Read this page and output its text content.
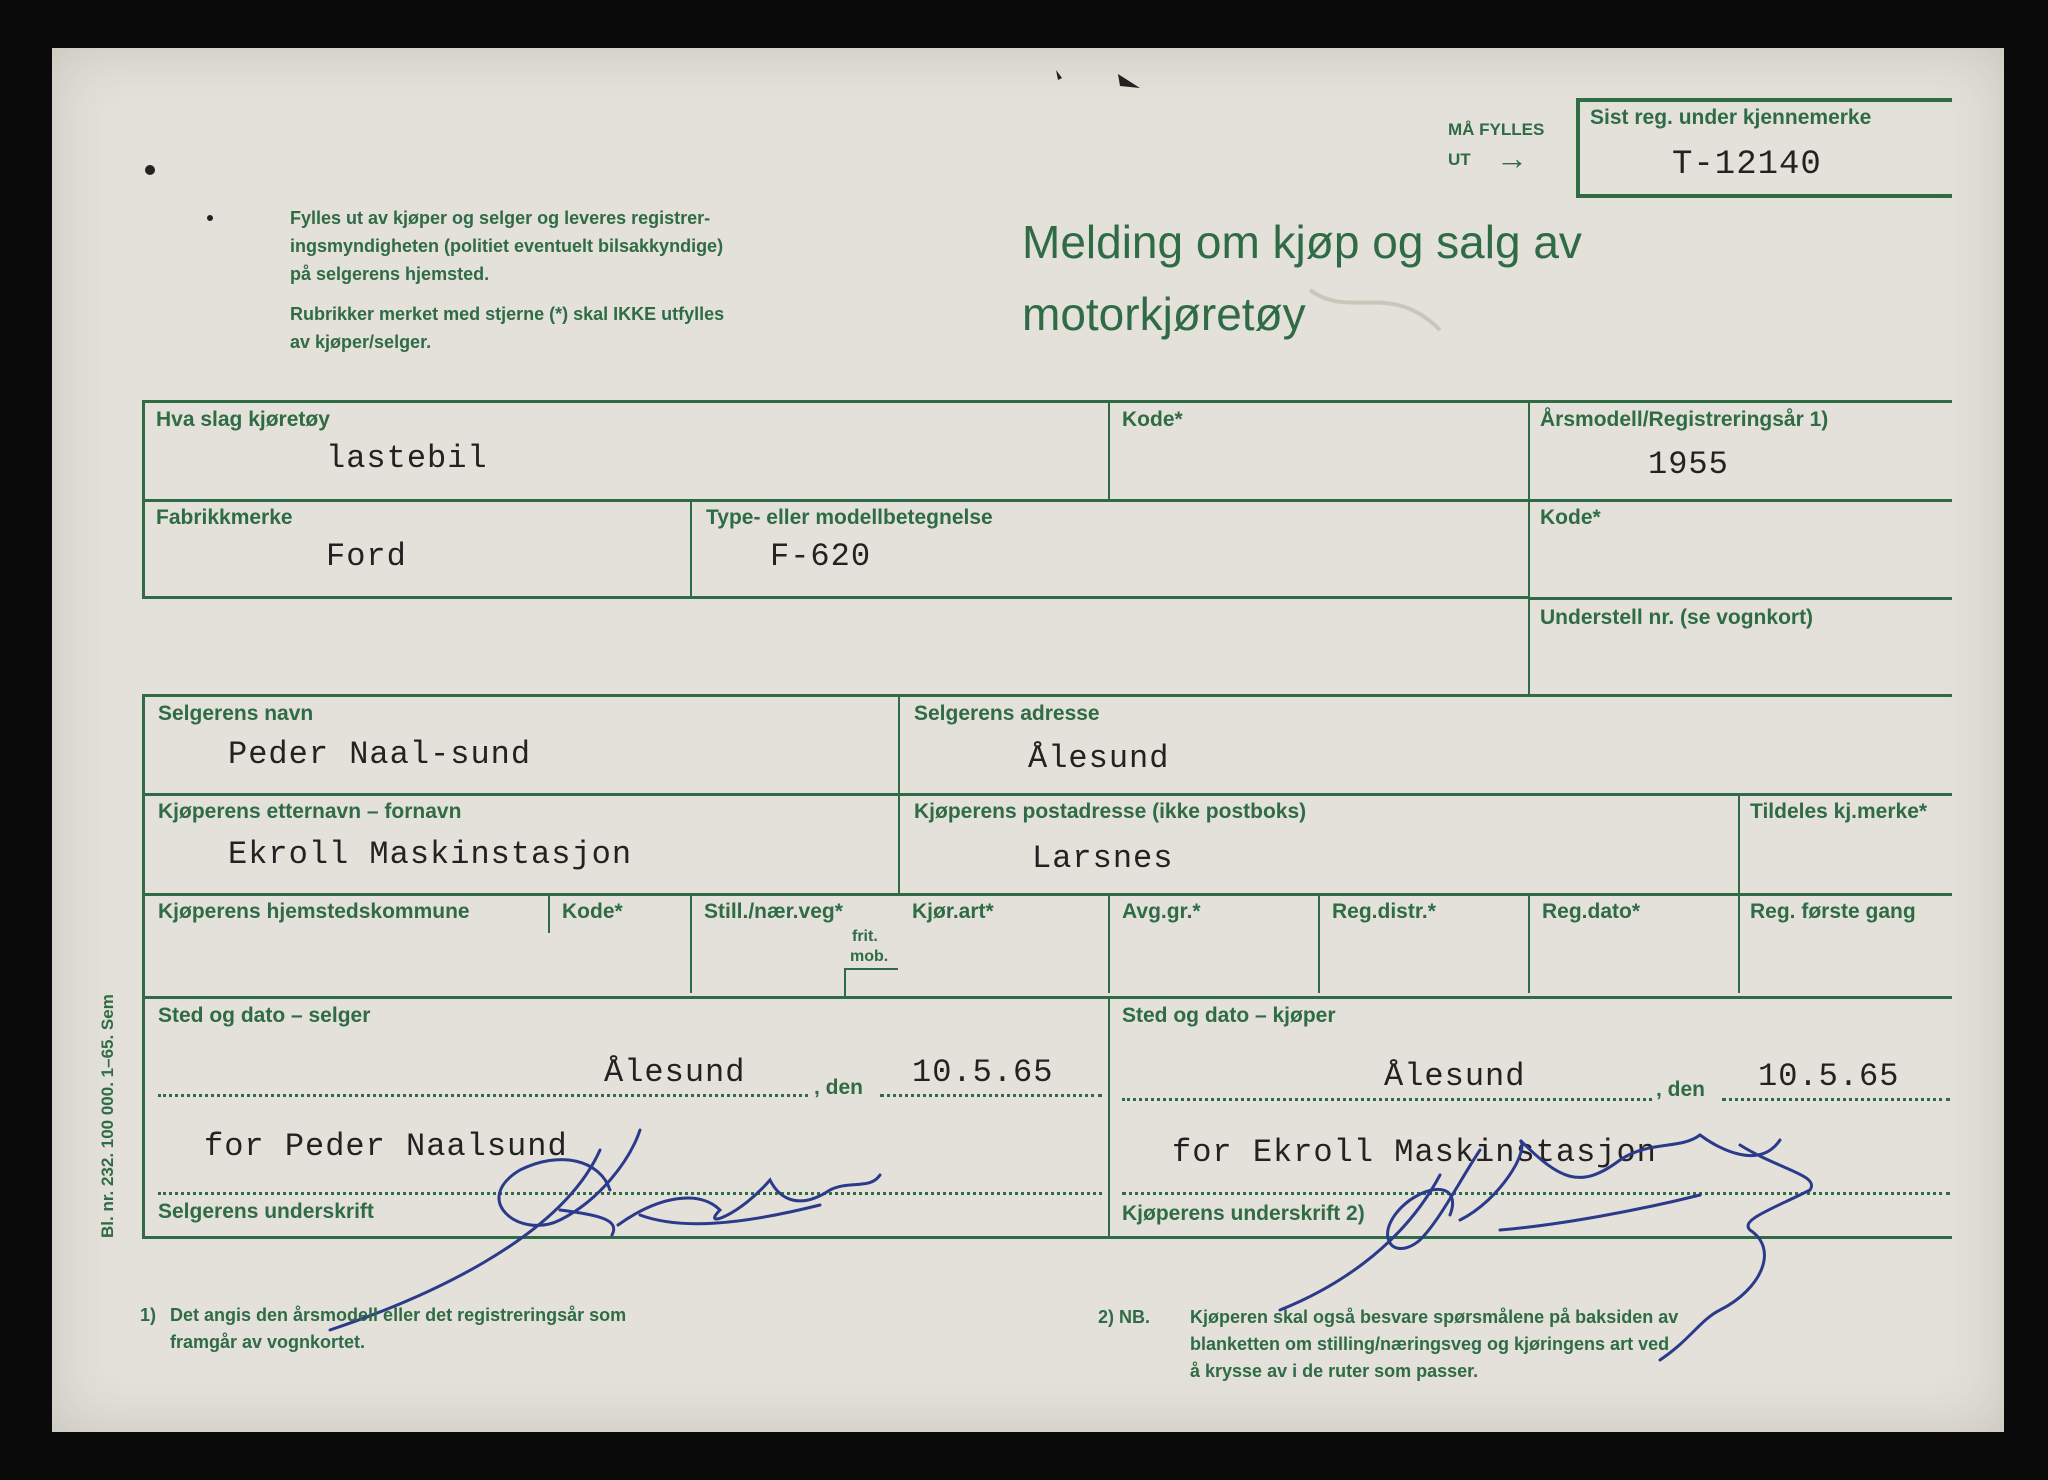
MÅ FYLLES
UT →
Sist reg. under kjennemerke
T-12140
Fylles ut av kjøper og selger og leveres registrer-
ingsmyndigheten (politiet eventuelt bilsakkyndige)
på selgerens hjemsted.
Rubrikker merket med stjerne (*) skal IKKE utfylles
av kjøper/selger.
Melding om kjøp og salg av
motorkjøretøy
Hva slag kjøretøy
lastebil
Kode*	Årsmodell/Registreringsår 1)
1955
Fabrikkmerke
Ford
Type- eller modellbetegnelse
F-620
Kode*
Understell nr. (se vognkort)
Selgerens navn
Peder Naal-sund
Selgerens adresse
Ålesund
Kjøperens etternavn – fornavn
Ekroll Maskinstasjon
Kjøperens postadresse (ikke postboks)
Larsnes
Tildeles kj.merke*
Kjøperens hjemstedskommune	Kode*	Still./nær.veg*
frit.
mob.
Kjør.art*	Avg.gr.*	Reg.distr.*	Reg.dato*	Reg. første gang
Sted og dato – selger
Ålesund	, den 10.5.65
for Peder Naalsund
Selgerens underskrift
Sted og dato – kjøper
Ålesund	, den 10.5.65
for Ekroll Maskinstasjon
Kjøperens underskrift 2)
Bl. nr. 232. 100 000. 1–65. Sem
1) Det angis den årsmodell eller det registreringsår som
framgår av vognkortet.
2) NB. Kjøperen skal også besvare spørsmålene på baksiden av
blanketten om stilling/næringsveg og kjøringens art ved
å krysse av i de ruter som passer.
